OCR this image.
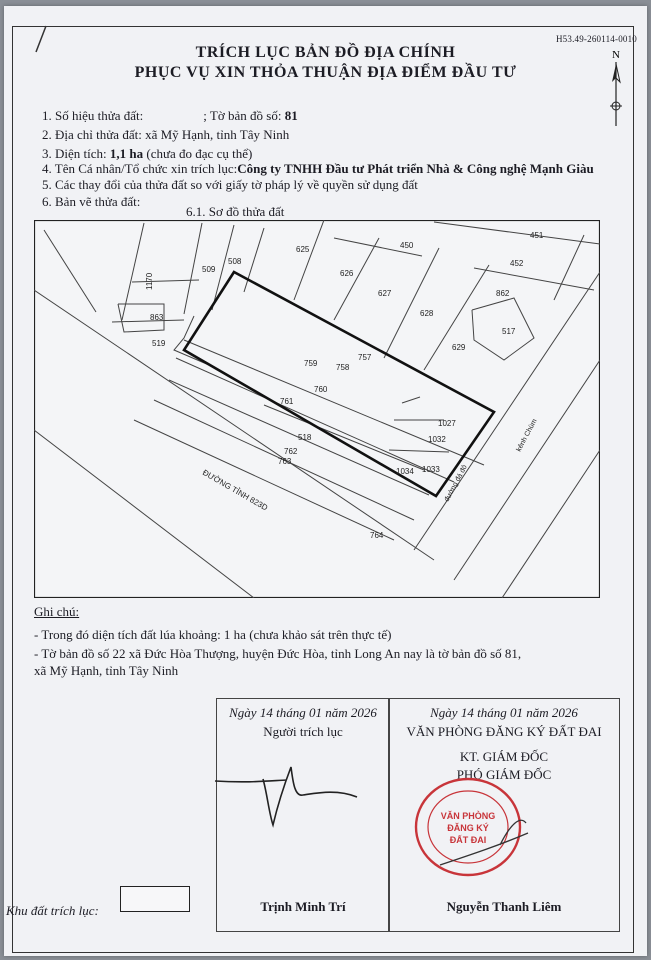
H53.49-260114-0010
TRÍCH LỤC BẢN ĐỒ ĐỊA CHÍNH
PHỤC VỤ XIN THỎA THUẬN ĐỊA ĐIỂM ĐẦU TƯ
N
1. Số hiệu thửa đất:	; Tờ bản đồ số: 81
2. Địa chỉ thửa đất: xã Mỹ Hạnh, tỉnh Tây Ninh
3. Diện tích: 1,1 ha (chưa đo đạc cụ thể)
4. Tên Cá nhân/Tổ chức xin trích lục:Công ty TNHH Đầu tư Phát triển Nhà & Công nghệ Mạnh Giàu
5. Các thay đổi của thửa đất so với giấy tờ pháp lý về quyền sử dụng đất
6. Bản vẽ thửa đất:
6.1. Sơ đồ thửa đất
625	450
451
452
509
508
1170	626
627	862
863
519
628
517
629
757
759 758
760
761
1027
1032
518
762
763
1034 1033
764
ĐƯỜNG TỈNH 823D	đường đá đỏ
kênh Chùm
Ghi chú:
- Trong đó diện tích đất lúa khoảng: 1 ha (chưa khảo sát trên thực tế)
- Tờ bản đồ số 22 xã Đức Hòa Thượng, huyện Đức Hòa, tỉnh Long An nay là tờ bản đồ số 81,
xã Mỹ Hạnh, tỉnh Tây Ninh
Ngày 14 tháng 01 năm 2026
Người trích lục
Trịnh Minh Trí
Ngày 14 tháng 01 năm 2026
VĂN PHÒNG ĐĂNG KÝ ĐẤT ĐAI
KT. GIÁM ĐỐC
PHÓ GIÁM ĐỐC
Nguyễn Thanh Liêm
VĂN PHÒNG
ĐĂNG KÝ
ĐẤT ĐAI
Khu đất trích lục:
